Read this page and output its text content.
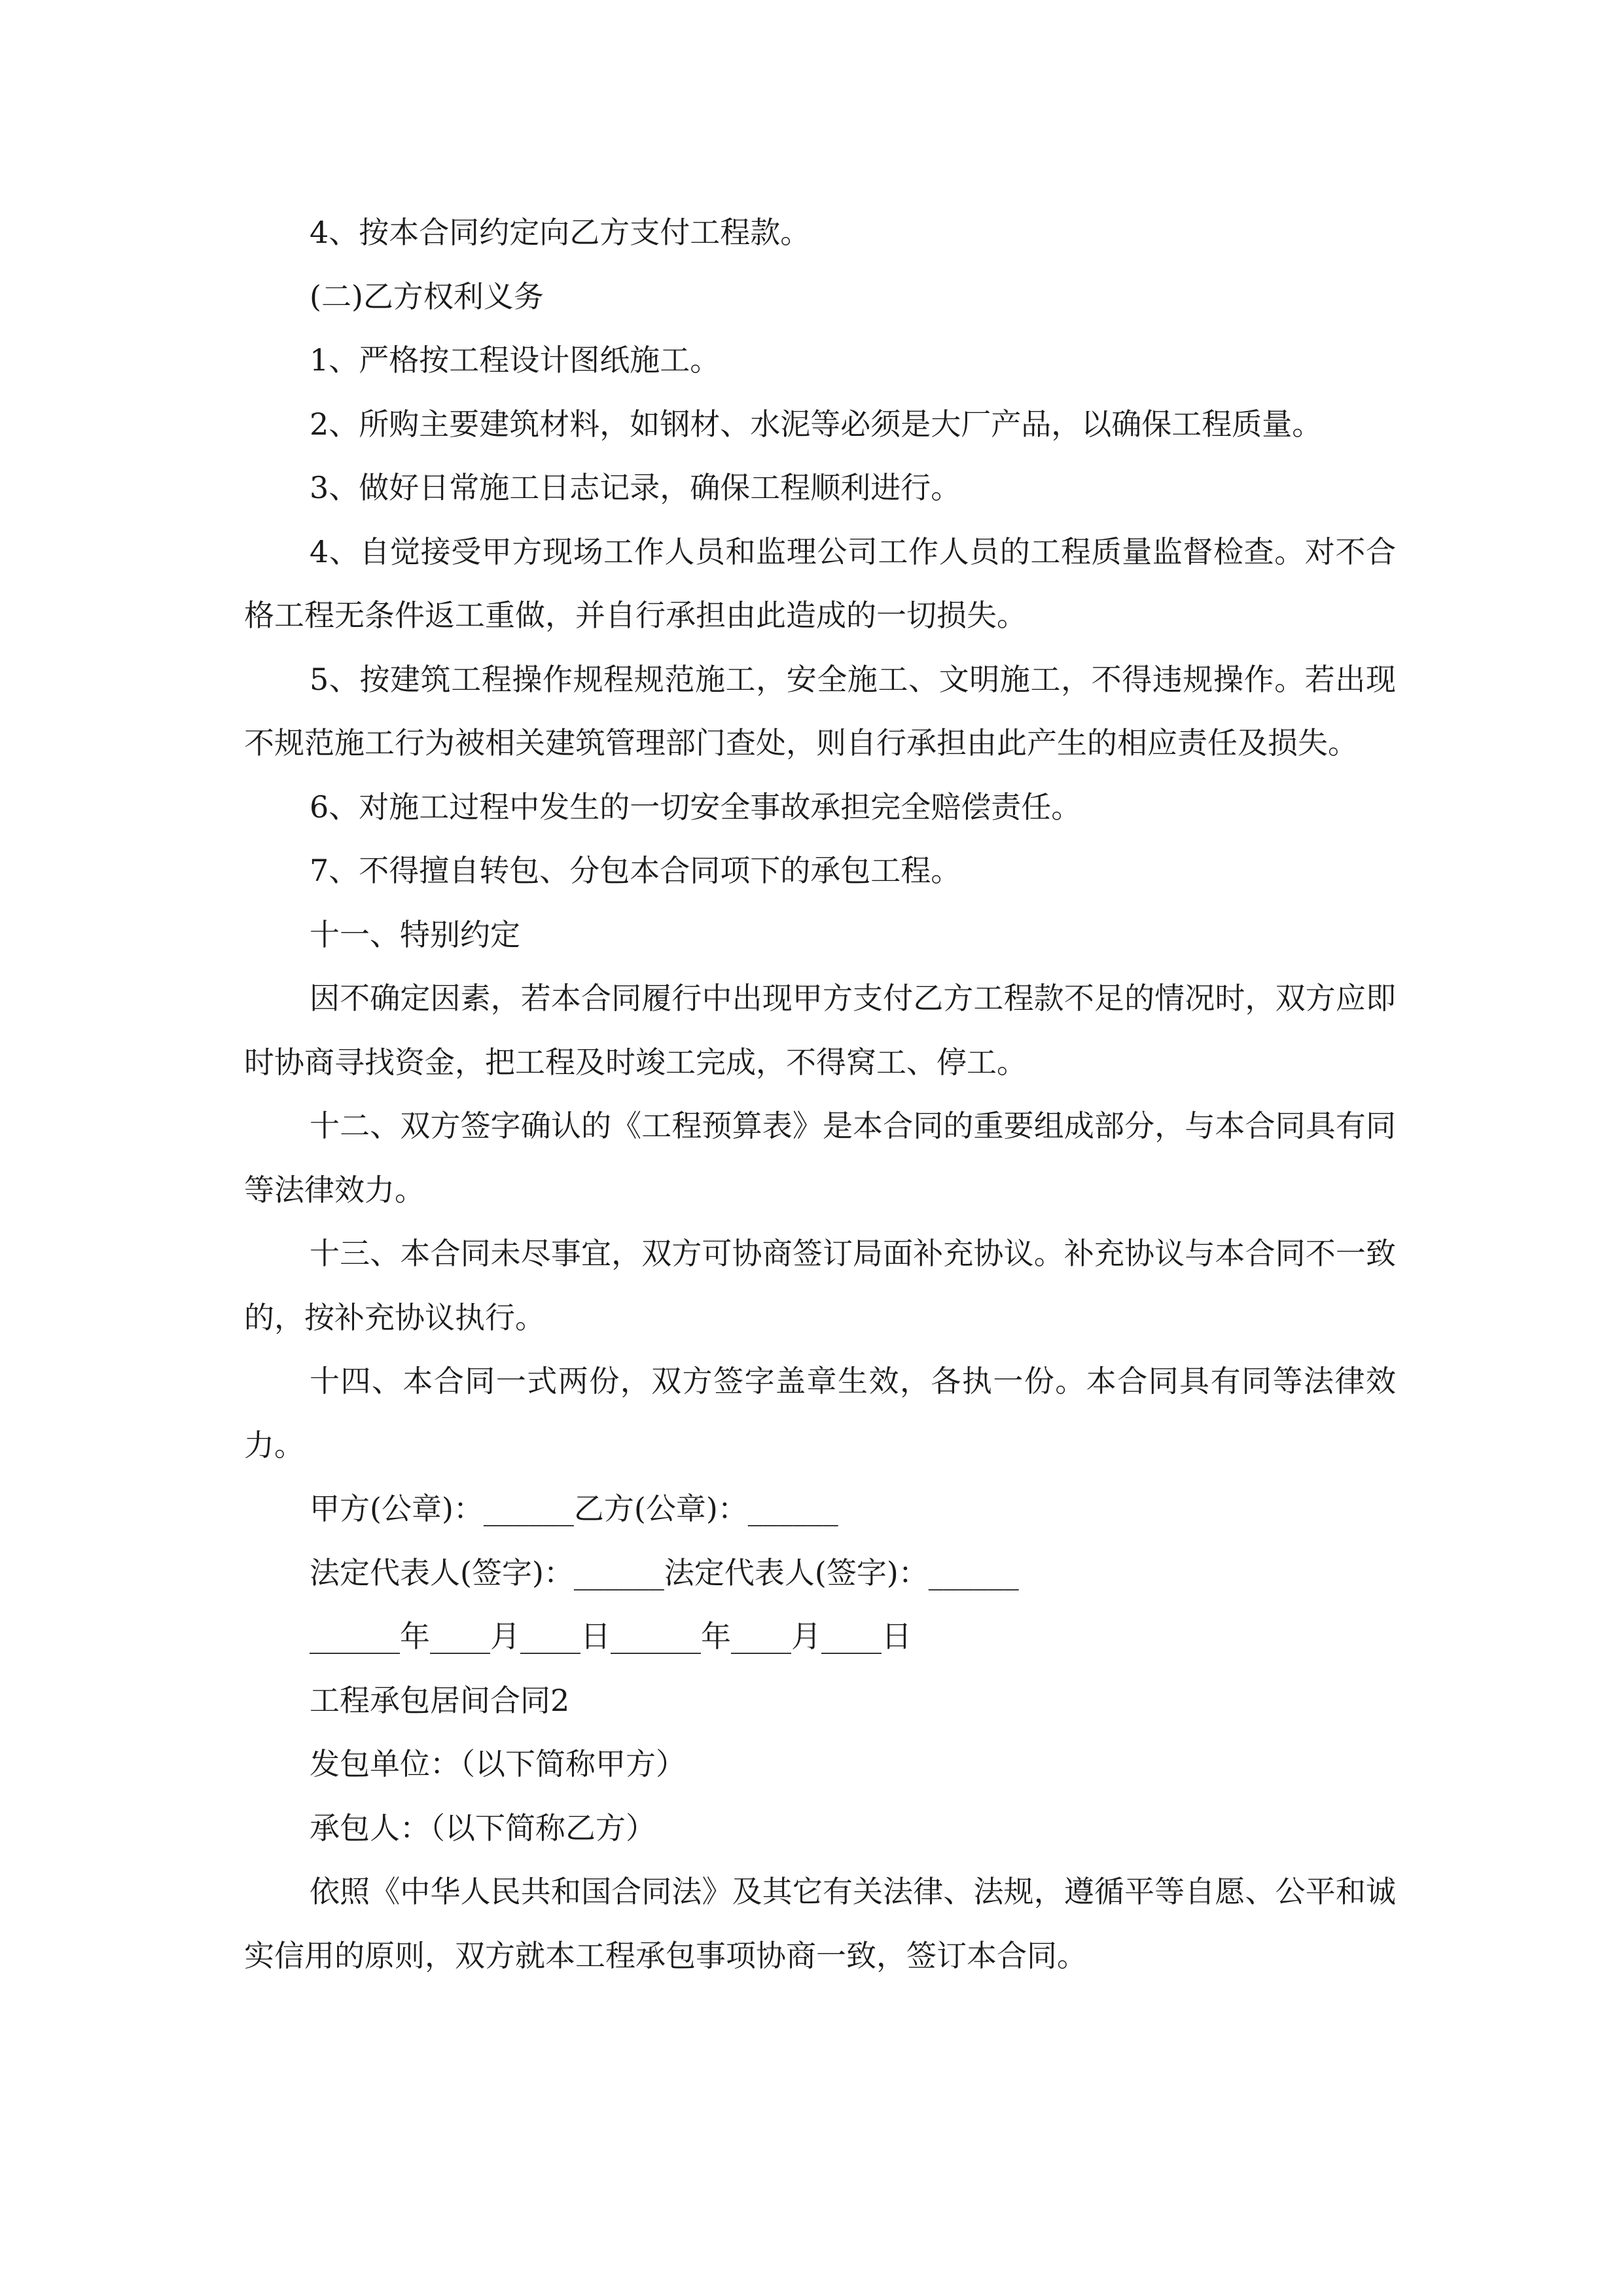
4、按本合同约定向乙方支付工程款。

(二)乙方权利义务

1、严格按工程设计图纸施工。

2、所购主要建筑材料，如钢材、水泥等必须是大厂产品，以确保工程质量。

3、做好日常施工日志记录，确保工程顺利进行。

4、自觉接受甲方现场工作人员和监理公司工作人员的工程质量监督检查。对不合格工程无条件返工重做，并自行承担由此造成的一切损失。

5、按建筑工程操作规程规范施工，安全施工、文明施工，不得违规操作。若出现不规范施工行为被相关建筑管理部门查处，则自行承担由此产生的相应责任及损失。

6、对施工过程中发生的一切安全事故承担完全赔偿责任。

7、不得擅自转包、分包本合同项下的承包工程。

十一、特别约定

因不确定因素，若本合同履行中出现甲方支付乙方工程款不足的情况时，双方应即时协商寻找资金，把工程及时竣工完成，不得窝工、停工。

十二、双方签字确认的《工程预算表》是本合同的重要组成部分，与本合同具有同等法律效力。

十三、本合同未尽事宜，双方可协商签订局面补充协议。补充协议与本合同不一致的，按补充协议执行。

十四、本合同一式两份，双方签字盖章生效，各执一份。本合同具有同等法律效力。

甲方(公章)：______乙方(公章)：______

法定代表人(签字)：______法定代表人(签字)：______

______年____月____日______年____月____日

工程承包居间合同2

发包单位：（以下简称甲方）

承包人：（以下简称乙方）

依照《中华人民共和国合同法》及其它有关法律、法规，遵循平等自愿、公平和诚实信用的原则，双方就本工程承包事项协商一致，签订本合同。
